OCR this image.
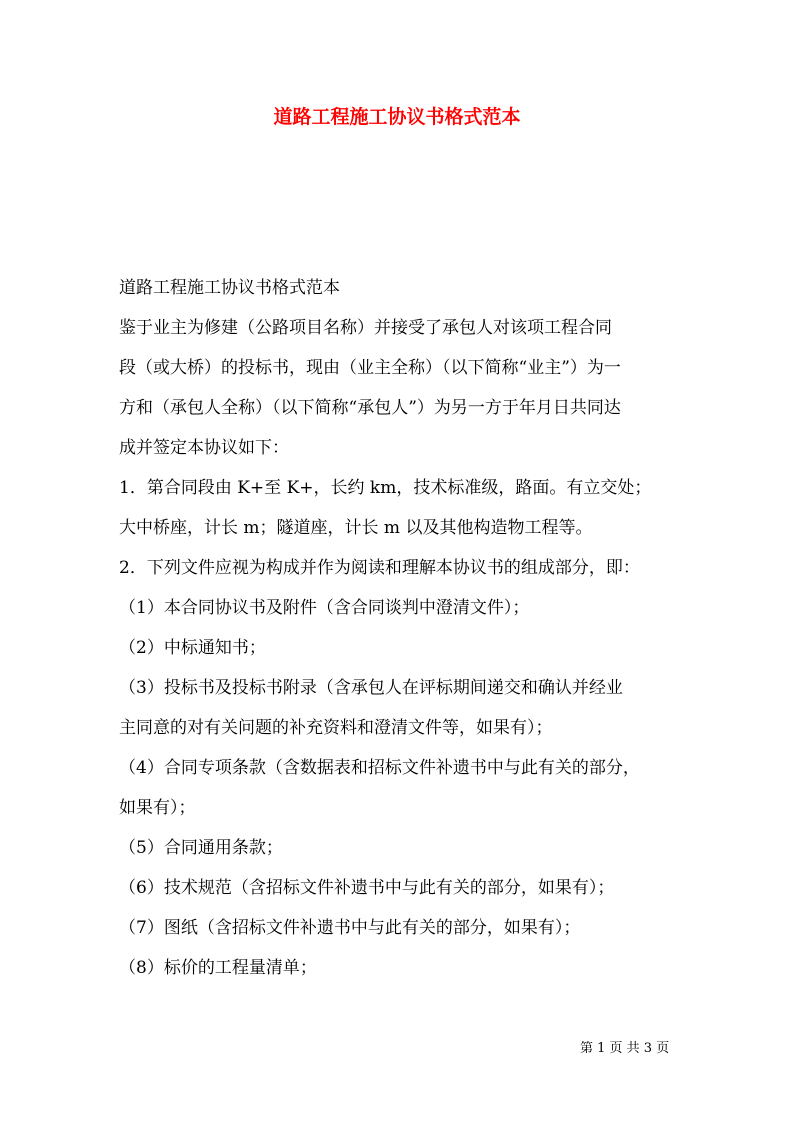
道路工程施工协议书格式范本
道路工程施工协议书格式范本
鉴于业主为修建（公路项目名称）并接受了承包人对该项工程合同
段（或大桥）的投标书，现由（业主全称）（以下简称“业主”）为一
方和（承包人全称）（以下简称“承包人”）为另一方于年月日共同达
成并签定本协议如下：
1．第合同段由 K+至 K+，长约 km，技术标准级，路面。有立交处；
大中桥座，计长 m；隧道座，计长 m 以及其他构造物工程等。
2．下列文件应视为构成并作为阅读和理解本协议书的组成部分，即：
（1）本合同协议书及附件（含合同谈判中澄清文件）；
（2）中标通知书；
（3）投标书及投标书附录（含承包人在评标期间递交和确认并经业
主同意的对有关问题的补充资料和澄清文件等，如果有）；
（4）合同专项条款（含数据表和招标文件补遗书中与此有关的部分，
如果有）；
（5）合同通用条款；
（6）技术规范（含招标文件补遗书中与此有关的部分，如果有）；
（7）图纸（含招标文件补遗书中与此有关的部分，如果有）；
（8）标价的工程量清单；
第 1 页 共 3 页
